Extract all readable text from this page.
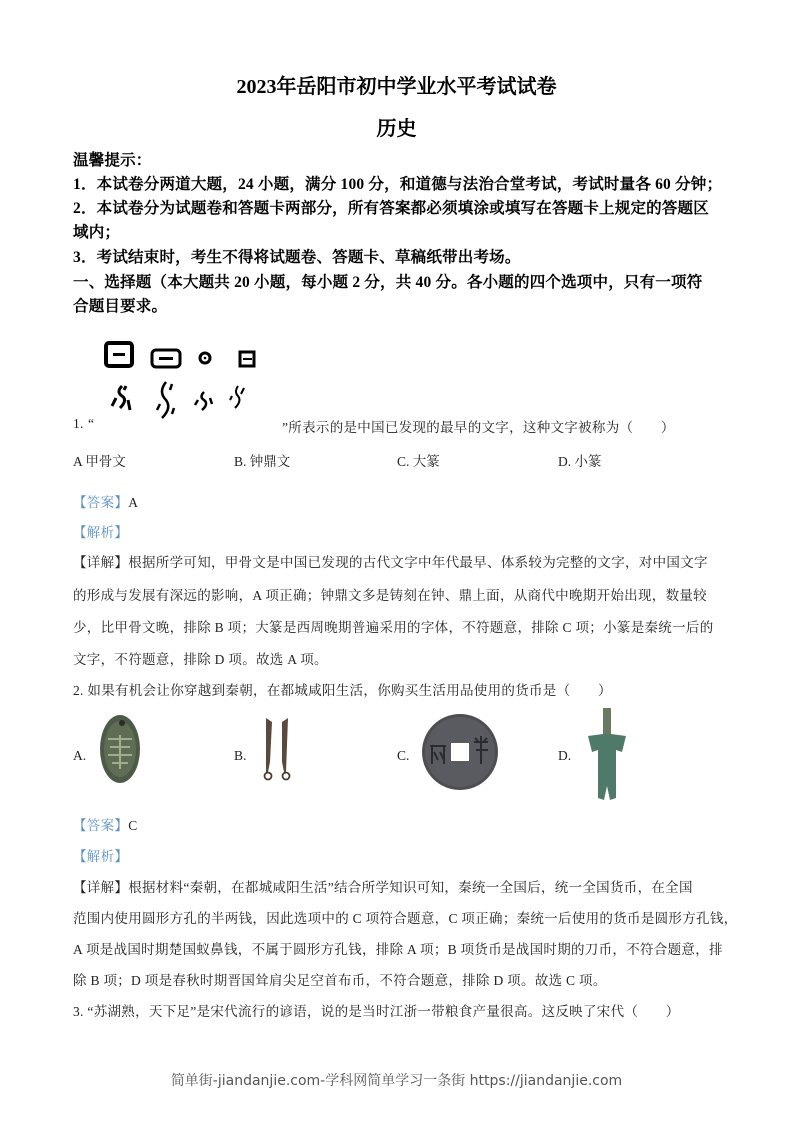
2023年岳阳市初中学业水平考试试卷
历史
温馨提示：
1．本试卷分两道大题，24 小题，满分 100 分，和道德与法治合堂考试，考试时量各 60 分钟；
2．本试卷分为试题卷和答题卡两部分，所有答案都必须填涂或填写在答题卡上规定的答题区
域内；
3．考试结束时，考生不得将试题卷、答题卡、草稿纸带出考场。
一、选择题（本大题共 20 小题，每小题 2 分，共 40 分。各小题的四个选项中，只有一项符
合题目要求。
1. “	”所表示的是中国已发现的最早的文字，这种文字被称为（　　）
A 甲骨文	B. 钟鼎文	C. 大篆	D. 小篆
【答案】A
【解析】
【详解】根据所学可知，甲骨文是中国已发现的古代文字中年代最早、体系较为完整的文字，对中国文字
的形成与发展有深远的影响，A 项正确；钟鼎文多是铸刻在钟、鼎上面，从商代中晚期开始出现，数量较
少，比甲骨文晚，排除 B 项；大篆是西周晚期普遍采用的字体，不符题意，排除 C 项；小篆是秦统一后的
文字，不符题意，排除 D 项。故选 A 项。
2. 如果有机会让你穿越到秦朝，在都城咸阳生活，你购买生活用品使用的货币是（　　）
A.	B.	C.	D.
【答案】C
【解析】
【详解】根据材料“秦朝，在都城咸阳生活”结合所学知识可知，秦统一全国后，统一全国货币，在全国
范围内使用圆形方孔的半两钱，因此选项中的 C 项符合题意，C 项正确；秦统一后使用的货币是圆形方孔钱，
A 项是战国时期楚国蚁鼻钱，不属于圆形方孔钱，排除 A 项；B 项货币是战国时期的刀币，不符合题意，排
除 B 项；D 项是春秋时期晋国耸肩尖足空首布币，不符合题意，排除 D 项。故选 C 项。
3. “苏湖熟，天下足”是宋代流行的谚语，说的是当时江浙一带粮食产量很高。这反映了宋代（　　）
简单街-jiandanjie.com-学科网简单学习一条街 https://jiandanjie.com
